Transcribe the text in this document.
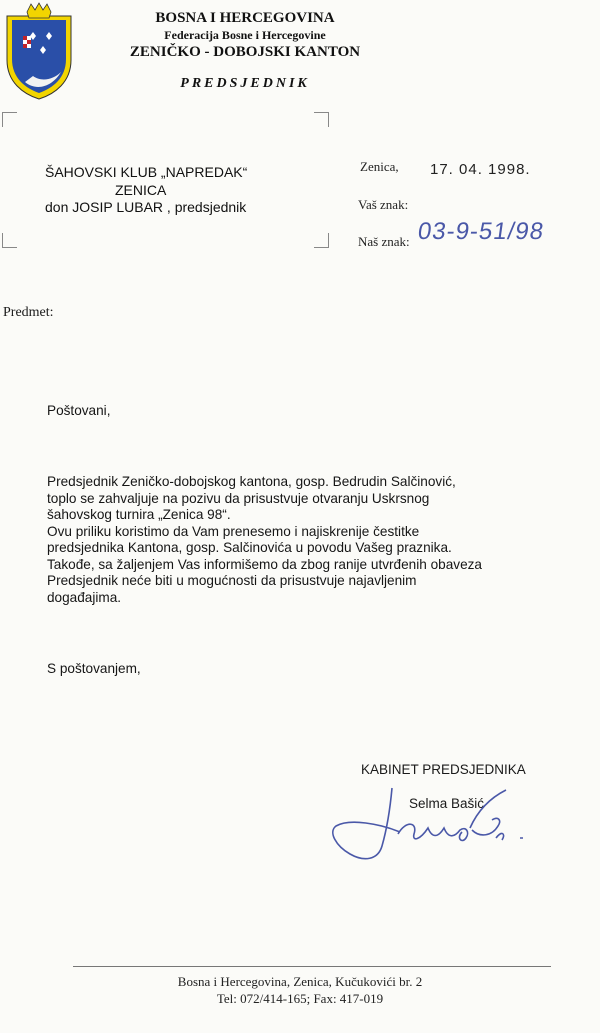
BOSNA I HERCEGOVINA
Federacija Bosne i Hercegovine
ZENIČKO - DOBOJSKI KANTON
PREDSJEDNIK
ŠAHOVSKI KLUB „NAPREDAK“
ZENICA
don JOSIP LUBAR , predsjednik
Zenica, 17. 04. 1998.
Vaš znak:
Naš znak: 03-9-51/98
Predmet:
Poštovani,
Predsjednik Zeničko-dobojskog kantona, gosp. Bedrudin Salčinović,
toplo se zahvaljuje na pozivu da prisustvuje otvaranju Uskrsnog
šahovskog turnira „Zenica 98“.
Ovu priliku koristimo da Vam prenesemo i najiskrenije čestitke
predsjednika Kantona, gosp. Salčinovića u povodu Vašeg praznika.
Takođe, sa žaljenjem Vas informišemo da zbog ranije utvrđenih obaveza
Predsjednik neće biti u mogućnosti da prisustvuje najavljenim
događajima.
S poštovanjem,
KABINET PREDSJEDNIKA
Selma Bašić
Bosna i Hercegovina, Zenica, Kučukovići br. 2
Tel: 072/414-165; Fax: 417-019
